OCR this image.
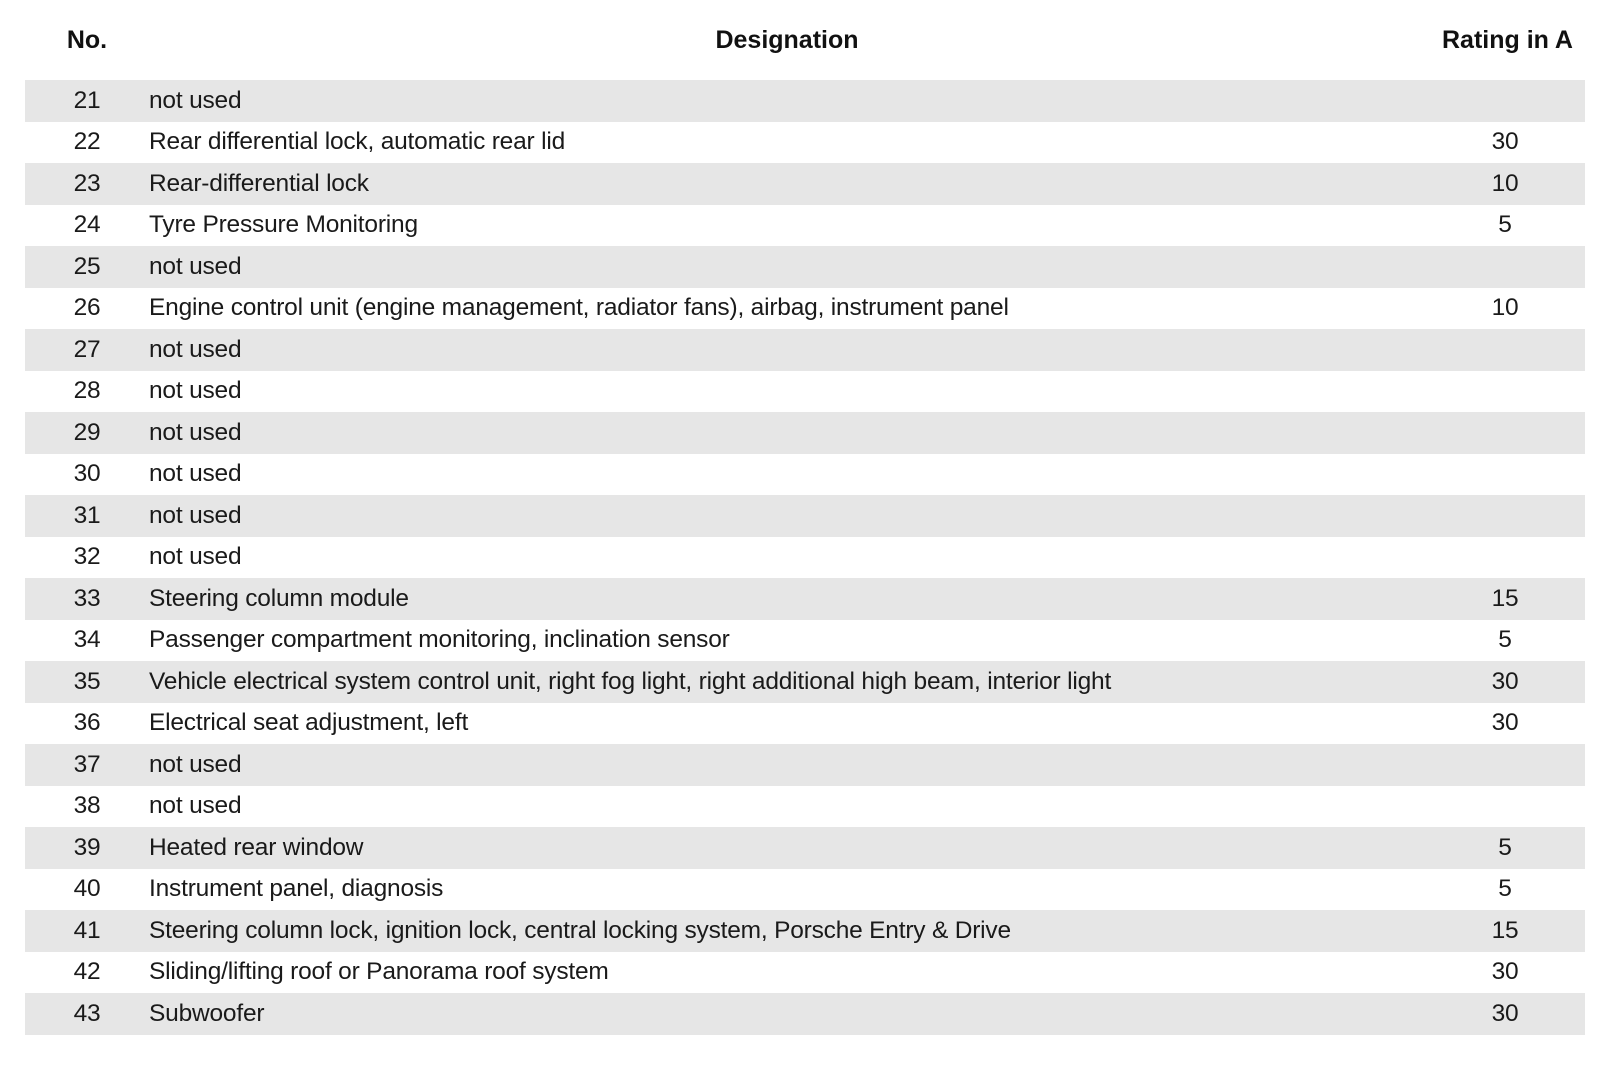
No.	Designation	Rating in A
21	not used
22	Rear differential lock, automatic rear lid	30
23	Rear-differential lock	10
24	Tyre Pressure Monitoring	5
25	not used
26	Engine control unit (engine management, radiator fans), airbag, instrument panel	10
27	not used
28	not used
29	not used
30	not used
31	not used
32	not used
33	Steering column module	15
34	Passenger compartment monitoring, inclination sensor	5
35	Vehicle electrical system control unit, right fog light, right additional high beam, interior light	30
36	Electrical seat adjustment, left	30
37	not used
38	not used
39	Heated rear window	5
40	Instrument panel, diagnosis	5
41	Steering column lock, ignition lock, central locking system, Porsche Entry & Drive	15
42	Sliding/lifting roof or Panorama roof system	30
43	Subwoofer	30
